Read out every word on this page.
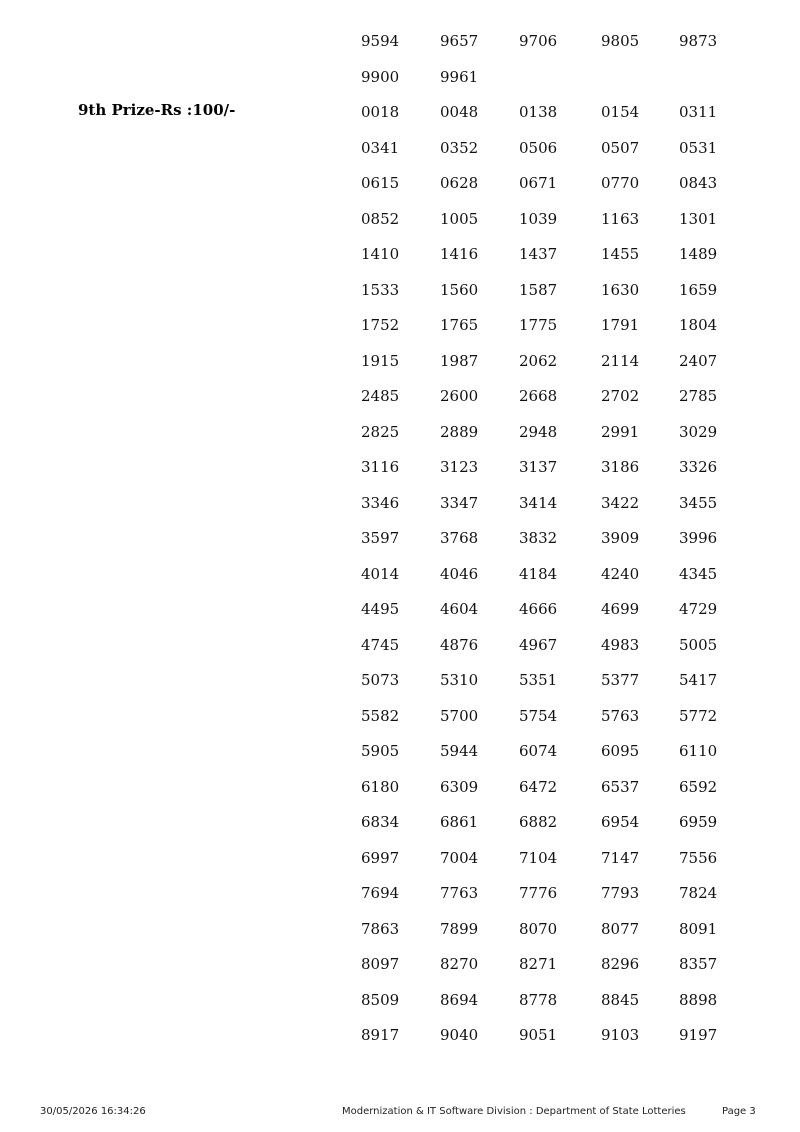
9th Prize-Rs :100/-
9594	9657	9706	9805	9873
9900	9961
0018	0048	0138	0154	0311
0341	0352	0506	0507	0531
0615	0628	0671	0770	0843
0852	1005	1039	1163	1301
1410	1416	1437	1455	1489
1533	1560	1587	1630	1659
1752	1765	1775	1791	1804
1915	1987	2062	2114	2407
2485	2600	2668	2702	2785
2825	2889	2948	2991	3029
3116	3123	3137	3186	3326
3346	3347	3414	3422	3455
3597	3768	3832	3909	3996
4014	4046	4184	4240	4345
4495	4604	4666	4699	4729
4745	4876	4967	4983	5005
5073	5310	5351	5377	5417
5582	5700	5754	5763	5772
5905	5944	6074	6095	6110
6180	6309	6472	6537	6592
6834	6861	6882	6954	6959
6997	7004	7104	7147	7556
7694	7763	7776	7793	7824
7863	7899	8070	8077	8091
8097	8270	8271	8296	8357
8509	8694	8778	8845	8898
8917	9040	9051	9103	9197
30/05/2026 16:34:26	Modernization & IT Software Division : Department of State Lotteries	Page 3
